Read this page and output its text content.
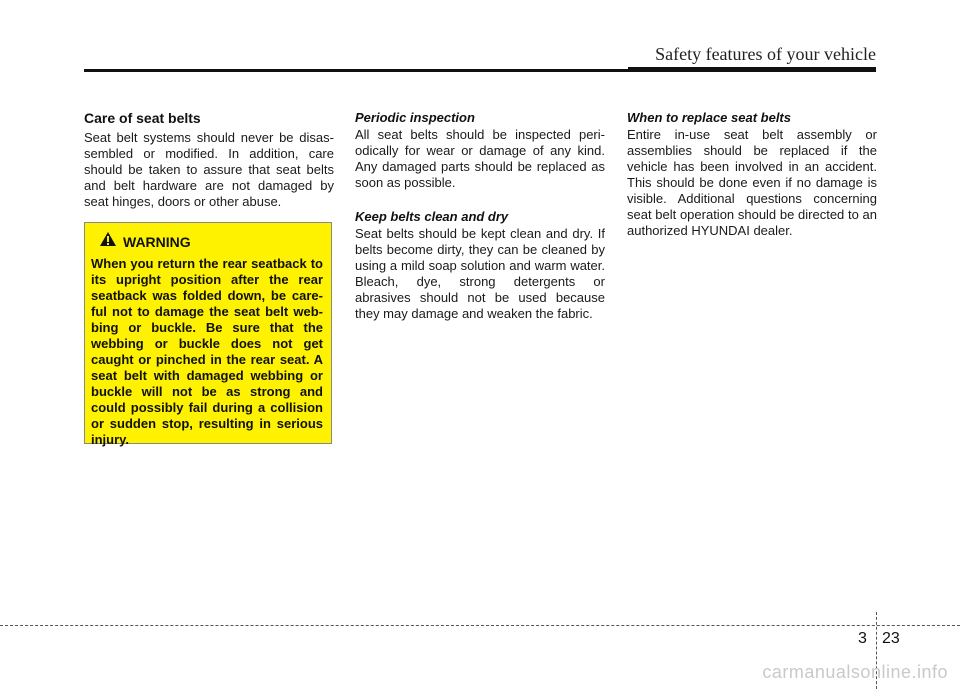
Safety features of your vehicle
Care of seat belts

Seat belt systems should never be disassembled or modified. In addition, care should be taken to assure that seat belts and belt hardware are not damaged by seat hinges, doors or other abuse.

WARNING

When you return the rear seatback to its upright position after the rear seatback was folded down, be careful not to damage the seat belt webbing or buckle. Be sure that the webbing or buckle does not get caught or pinched in the rear seat. A seat belt with damaged webbing or buckle will not be as strong and could possibly fail during a collision or sudden stop, resulting in serious injury.

Periodic inspection

All seat belts should be inspected periodically for wear or damage of any kind. Any damaged parts should be replaced as soon as possible.

Keep belts clean and dry

Seat belts should be kept clean and dry. If belts become dirty, they can be cleaned by using a mild soap solution and warm water. Bleach, dye, strong detergents or abrasives should not be used because they may damage and weaken the fabric.

When to replace seat belts

Entire in-use seat belt assembly or assemblies should be replaced if the vehicle has been involved in an accident. This should be done even if no damage is visible. Additional questions concerning seat belt operation should be directed to an authorized HYUNDAI dealer.

3 23
carmanualsonline.info
